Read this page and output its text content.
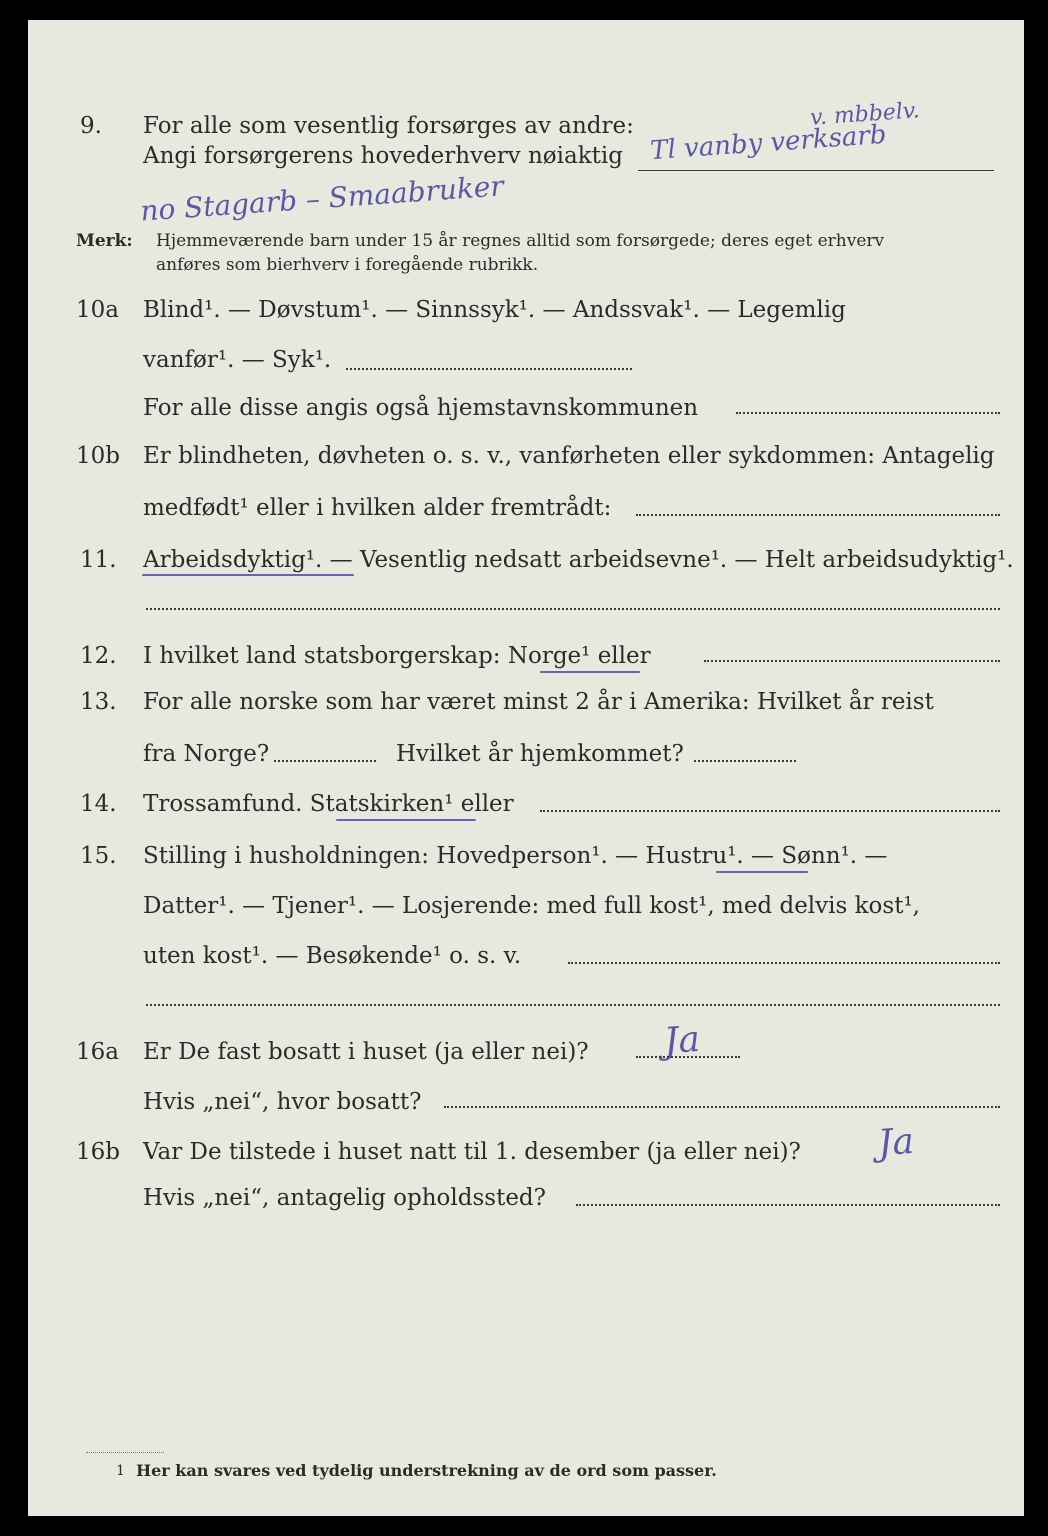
9. For alle som vesentlig forsørges av andre:	v. mbbelv.
Angi forsørgerens hovederhverv nøiaktig Tl vanby verksarb
no Stagarb – Smaabruker
Merk: Hjemmeværende barn under 15 år regnes alltid som forsørgede; deres eget erhverv
anføres som bierhverv i foregående rubrikk.
10a Blind¹. — Døvstum¹. — Sinnssyk¹. — Andssvak¹. — Legemlig
vanfør¹. — Syk¹.
For alle disse angis også hjemstavnskommunen
10b Er blindheten, døvheten o. s. v., vanførheten eller sykdommen: Antagelig
medfødt¹ eller i hvilken alder fremtrådt:
11. Arbeidsdyktig¹. — Vesentlig nedsatt arbeidsevne¹. — Helt arbeidsudyktig¹.
12. I hvilket land statsborgerskap: Norge¹ eller
13. For alle norske som har været minst 2 år i Amerika: Hvilket år reist
fra Norge?	Hvilket år hjemkommet?
14. Trossamfund. Statskirken¹ eller
15. Stilling i husholdningen: Hovedperson¹. — Hustru¹. — Sønn¹. —
Datter¹. — Tjener¹. — Losjerende: med full kost¹, med delvis kost¹,
uten kost¹. — Besøkende¹ o. s. v.
16a Er De fast bosatt i huset (ja eller nei)? Ja
Hvis „nei“, hvor bosatt?
16b Var De tilstede i huset natt til 1. desember (ja eller nei)? Ja
Hvis „nei“, antagelig opholdssted?
1 Her kan svares ved tydelig understrekning av de ord som passer.
